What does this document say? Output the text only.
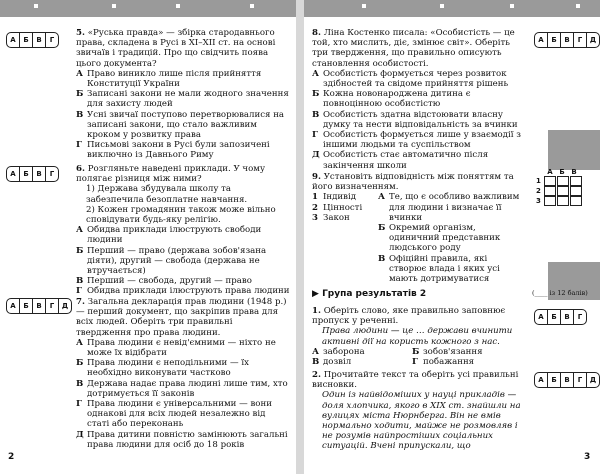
А	Б	В	Г
А	Б	В	Г
А	Б	В	Г	Д
А	Б	В	Г	Д
А	Б	В	Г
А	Б	В	Г	Д
А Б В
1
2
3

5. «Руська правда» — збірка стародавнього права, складена в Русі в XI–XII ст. на основі звичаїв і традицій. Про що свідчить поява цього документа?

А Право виникло лише після прийняття Конституції України
Б Записані закони не мали жодного значення для захисту людей
В Усні звичаї поступово перетворювалися на записані закони, що стало важливим кроком у розвитку права
Г Письмові закони в Русі були запозичені виключно із Давнього Риму

6. Розгляньте наведені приклади. У чому полягає різниця між ними?

1) Держава збудувала школу та забезпечила безоплатне навчання.

2) Кожен громадянин також може вільно сповідувати будь-яку релігію.

А Обидва приклади ілюструють свободи людини
Б Перший — право (держава зобов'язана діяти), другий — свобода (держава не втручається)
В Перший — свобода, другий — право
Г Обидва приклади ілюструють права людини

7. Загальна декларація прав людини (1948 р.) — перший документ, що закріпив права для всіх людей. Оберіть три правильні твердження про права людини.

А Права людини є невід'ємними — ніхто не може їх відібрати
Б Права людини є неподільними — їх необхідно виконувати частково
В Держава надає права людині лише тим, хто дотримується її законів
Г Права людини є універсальними — вони однакові для всіх людей незалежно від статі або переконань
Д Права дитини повністю замінюють загальні права людини для осіб до 18 років

8. Ліна Костенко писала: «Особистість — це той, хто мислить, діє, змінює світ». Оберіть три твердження, що правильно описують становлення особистості.

А Особистість формується через розвиток здібностей та свідоме прийняття рішень
Б Кожна новонароджена дитина є повноцінною особистістю
В Особистість здатна відстоювати власну думку та нести відповідальність за вчинки
Г Особистість формується лише у взаємодії з іншими людьми та суспільством
Д Особистість стає автоматично після закінчення школи

9. Установіть відповідність між поняттям та його визначенням.

1 Індивід
2 Цінності
3 Закон
А Те, що є особливо важливим для людини і визначає її вчинки
Б Окремий організм, одиничний представник людського роду
В Офіційні правила, які створює влада і яких усі мають дотримуватися
▶ Група результатів 2	(____ із 12 балів)

1. Оберіть слово, яке правильно заповнює пропуск у реченні.

Права людини — це … держави вчинити активні дії на користь кожного з нас.

А заборона	Б зобов'язання
В дозвіл	Г побажання

2. Прочитайте текст та оберіть усі правильні висновки.

Один із найвідоміших у науці прикладів — доля хлопчика, якого в XIX ст. знайшли на вулицях міста Нюрнберга. Він не вмів нормально ходити, майже не розмовляв і не розумів найпростіших соціальних ситуацій. Вчені припускали, що

2	3
